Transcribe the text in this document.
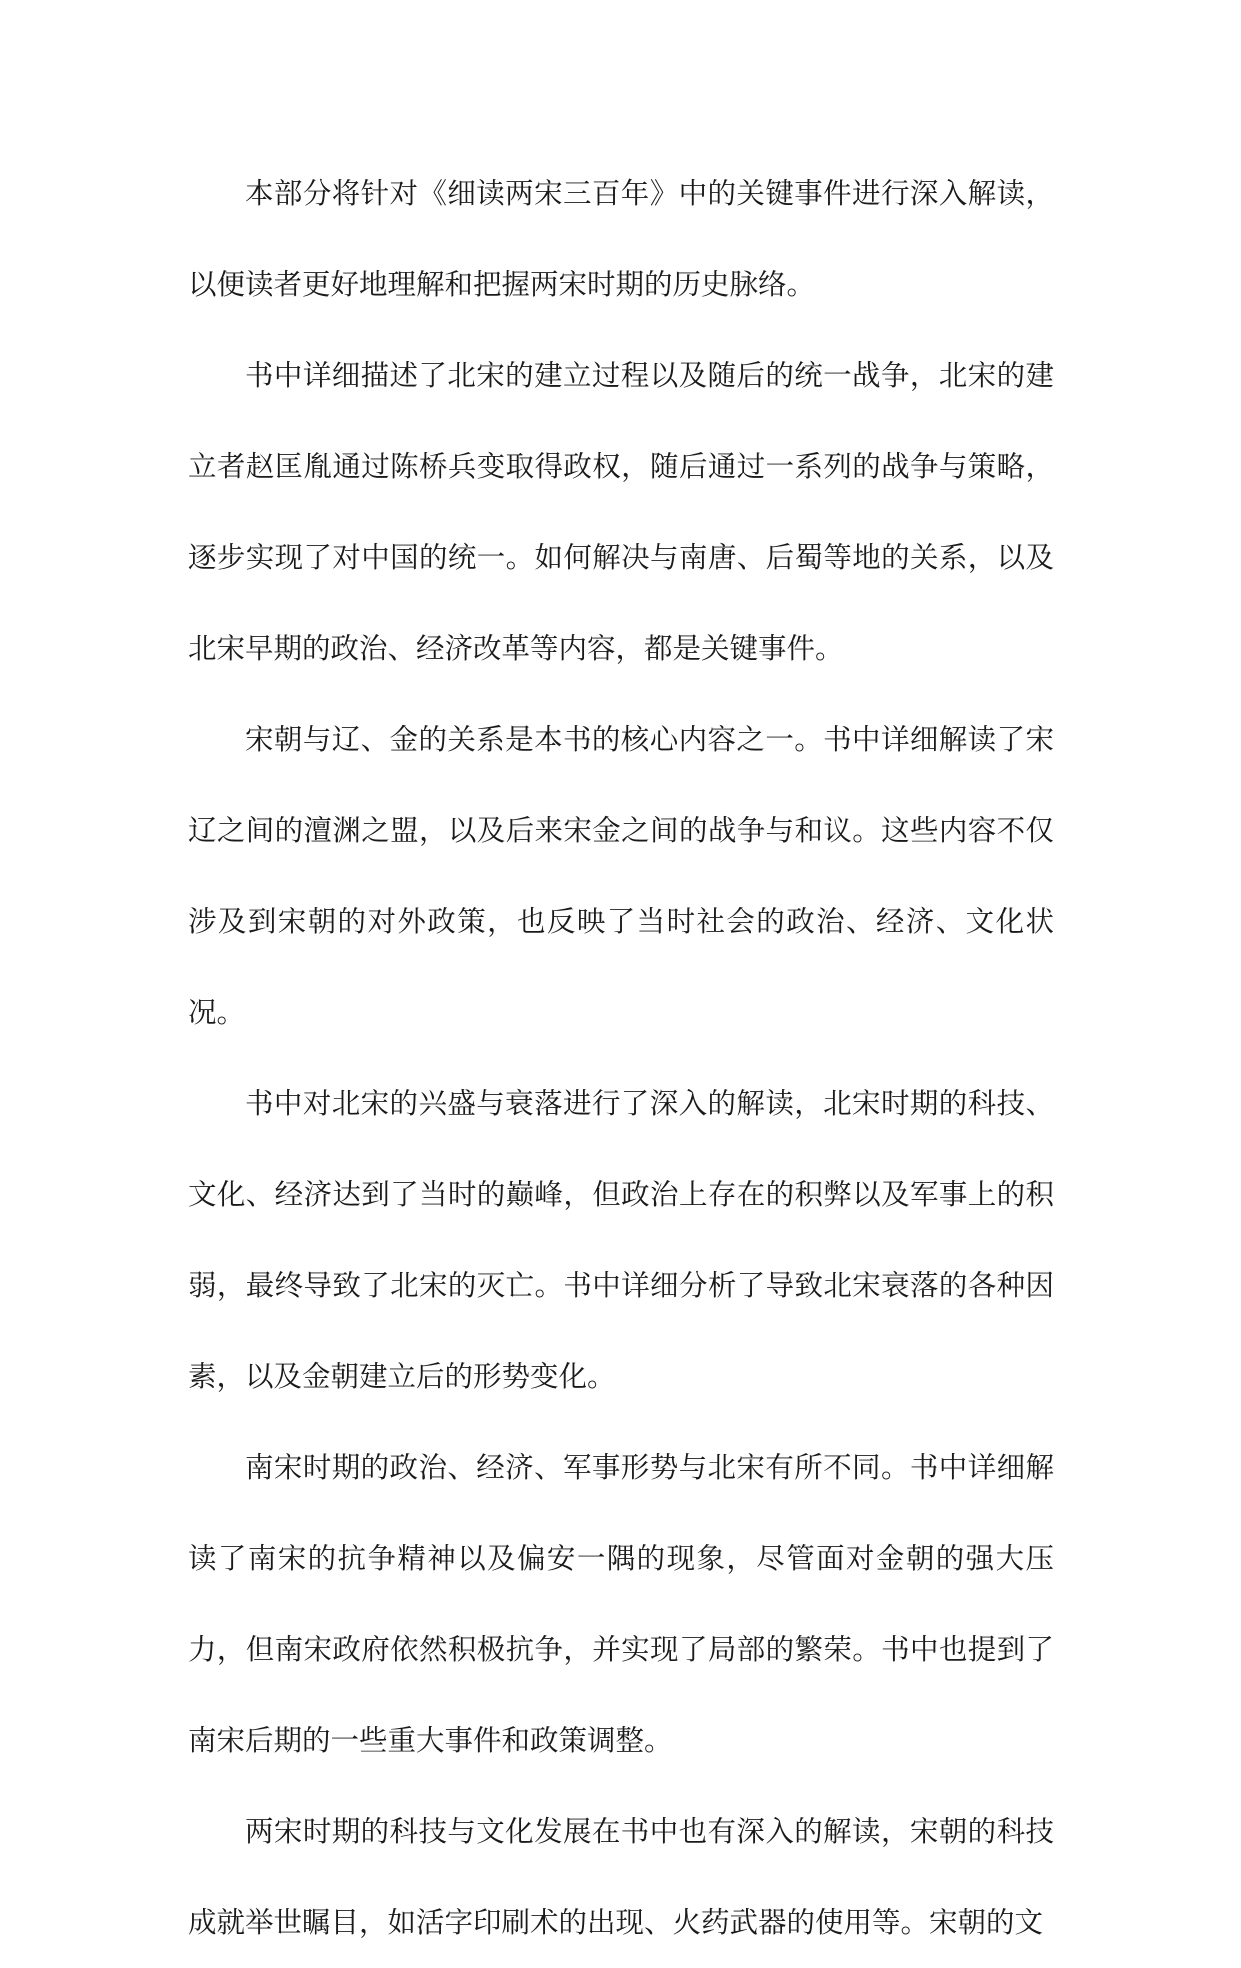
本部分将针对《细读两宋三百年》中的关键事件进行深入解读，以便读者更好地理解和把握两宋时期的历史脉络。

书中详细描述了北宋的建立过程以及随后的统一战争，北宋的建立者赵匡胤通过陈桥兵变取得政权，随后通过一系列的战争与策略，逐步实现了对中国的统一。如何解决与南唐、后蜀等地的关系，以及北宋早期的政治、经济改革等内容，都是关键事件。

宋朝与辽、金的关系是本书的核心内容之一。书中详细解读了宋辽之间的澶渊之盟，以及后来宋金之间的战争与和议。这些内容不仅涉及到宋朝的对外政策，也反映了当时社会的政治、经济、文化状况。

书中对北宋的兴盛与衰落进行了深入的解读，北宋时期的科技、文化、经济达到了当时的巅峰，但政治上存在的积弊以及军事上的积弱，最终导致了北宋的灭亡。书中详细分析了导致北宋衰落的各种因素，以及金朝建立后的形势变化。

南宋时期的政治、经济、军事形势与北宋有所不同。书中详细解读了南宋的抗争精神以及偏安一隅的现象，尽管面对金朝的强大压力，但南宋政府依然积极抗争，并实现了局部的繁荣。书中也提到了南宋后期的一些重大事件和政策调整。

两宋时期的科技与文化发展在书中也有深入的解读，宋朝的科技成就举世瞩目，如活字印刷术的出现、火药武器的使用等。宋朝的文
